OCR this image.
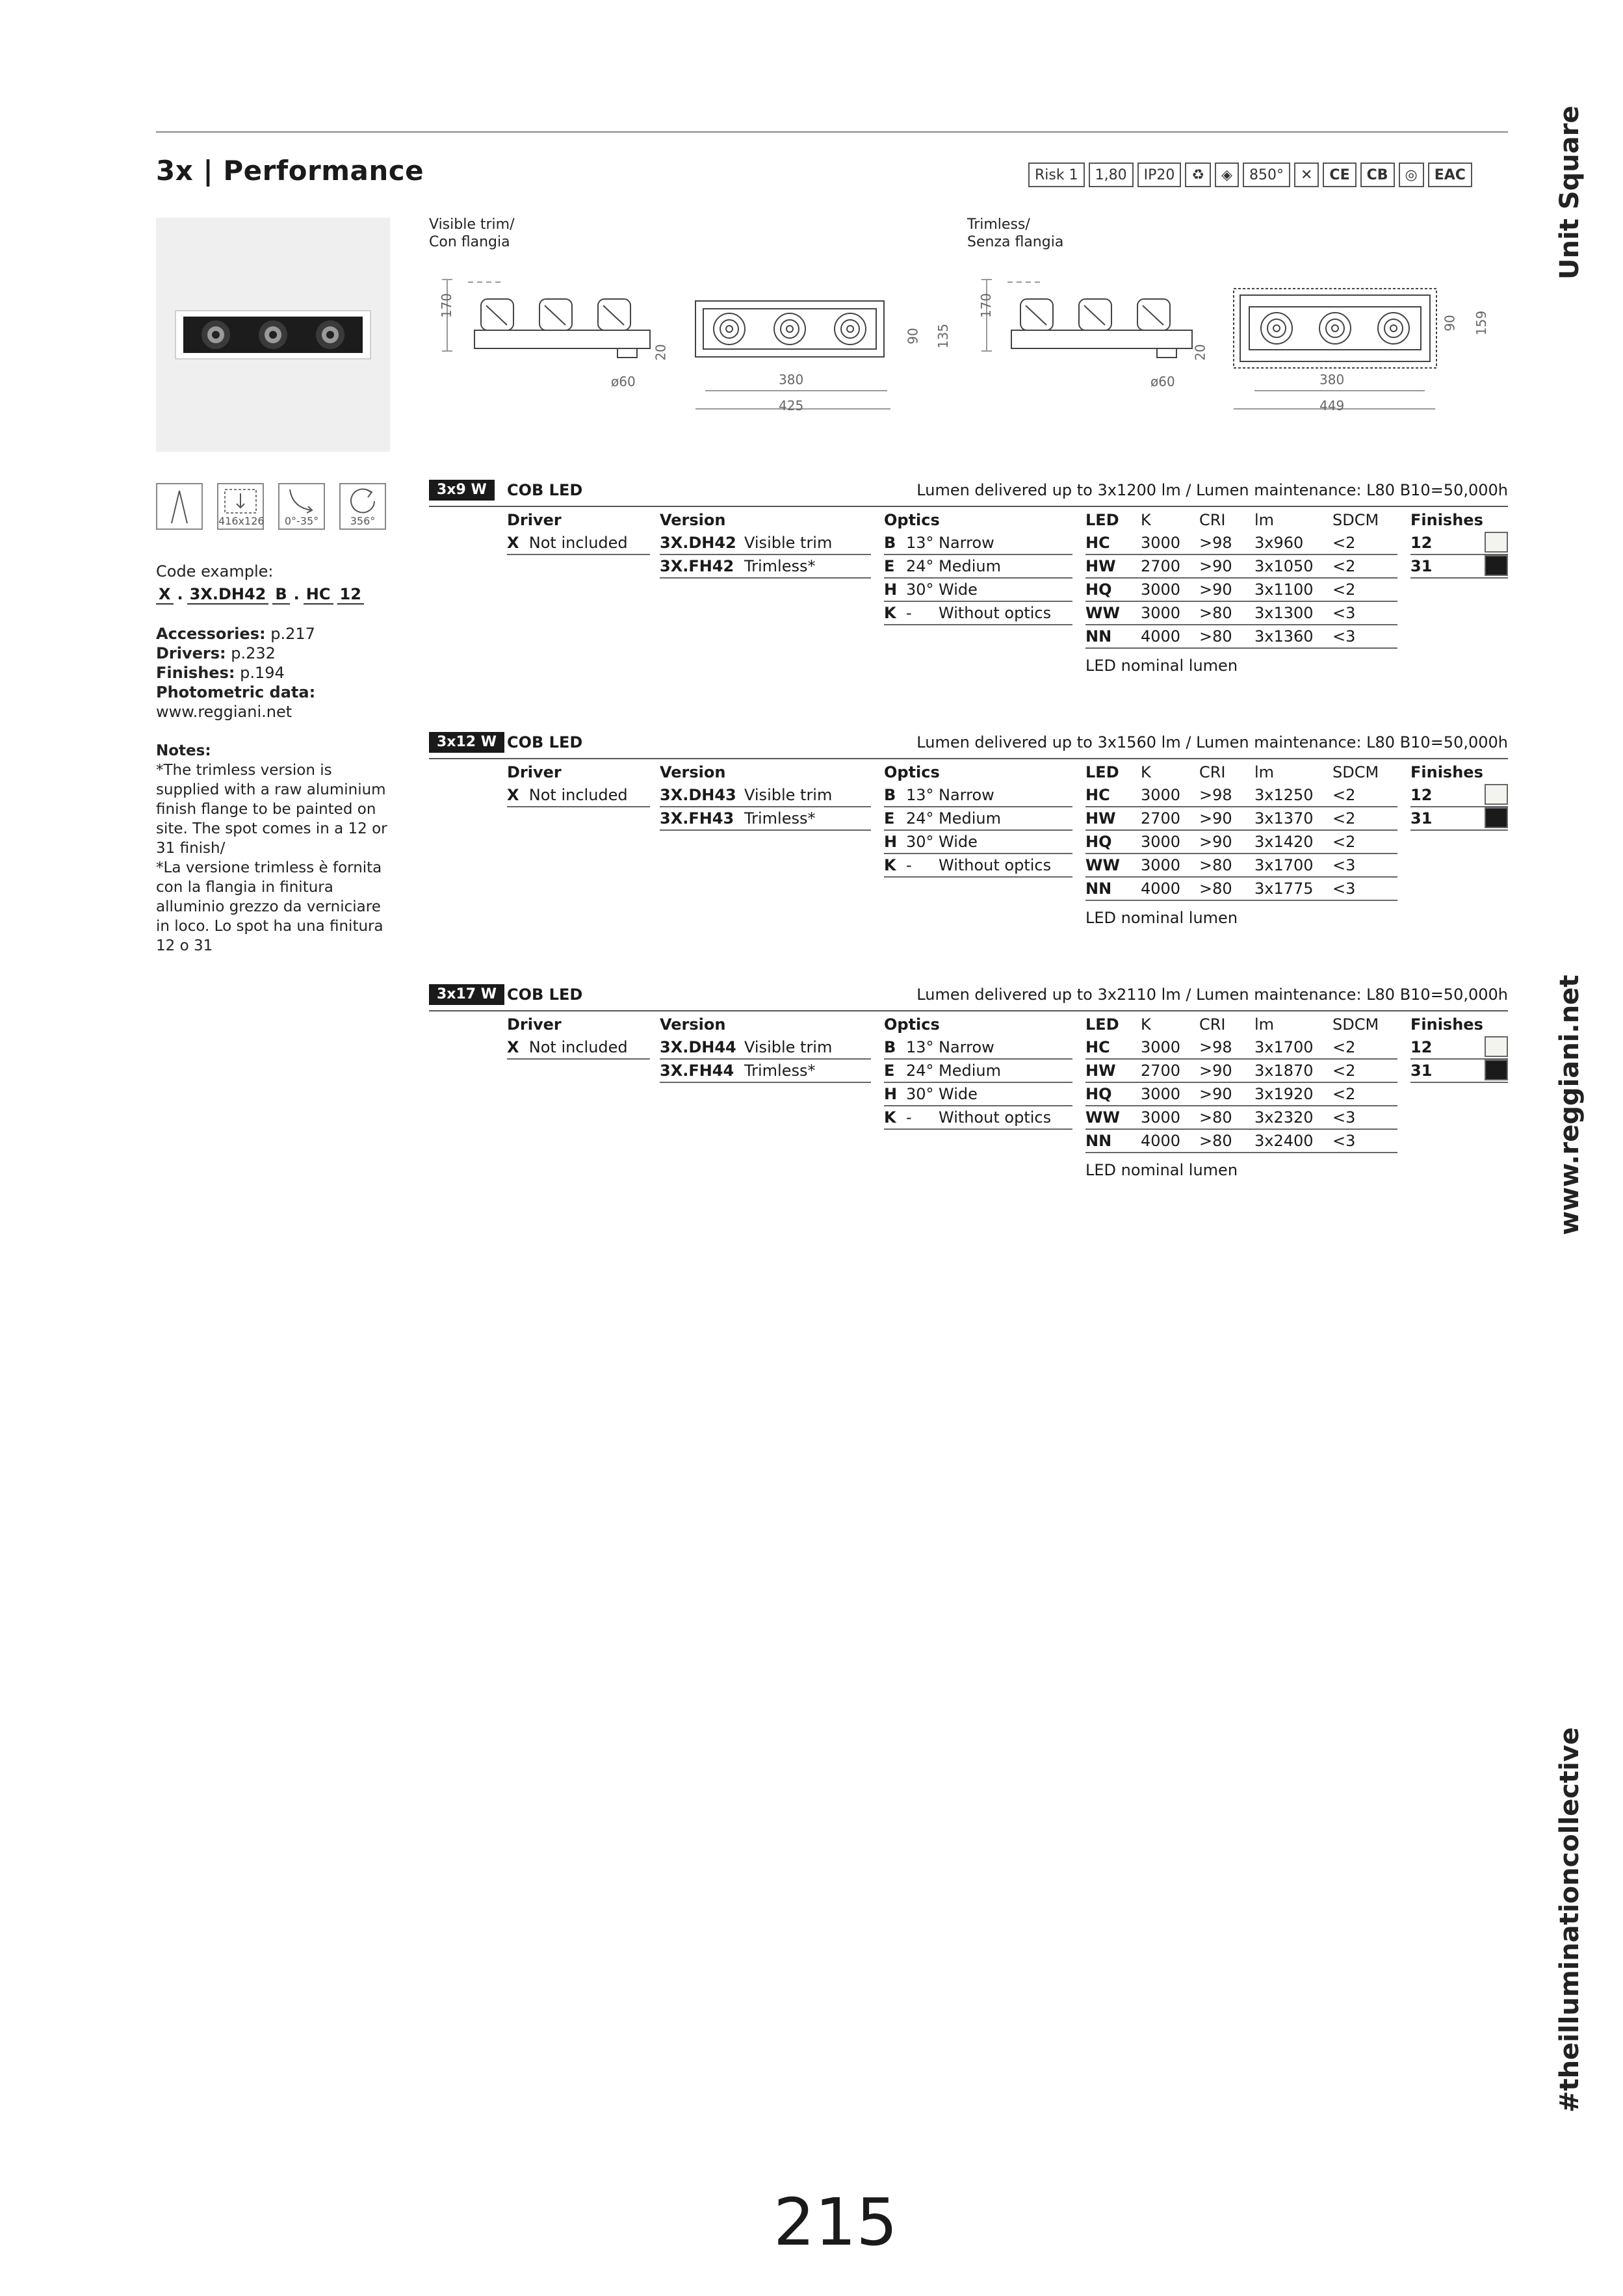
3x | Performance	Risk 1	1,80	IP20	♻	◈	850°	✕	CE	CB	◎	EAC	Unit Square
www.reggiani.net
#theilluminationcollective
Visible trim/
Con flangia
Trimless/
Senza flangia
170
20
ø60	380
425
90 135
170
20
ø60	380
449
90 159
416x126	0°-35°	356°
Code example:
X . 3X.DH42 B . HC 12
Accessories: p.217
Drivers: p.232
Finishes: p.194
Photometric data:
www.reggiani.net
Notes:
*The trimless version is supplied with a raw aluminium finish flange to be painted on site. The spot comes in a 12 or 31 finish/
*La versione trimless è fornita con la flangia in finitura alluminio grezzo da verniciare in loco. Lo spot ha una finitura 12 o 31
3x9 W	COB LED	Lumen delivered up to 3x1200 lm / Lumen maintenance: L80 B10=50,000h
Driver
X Not included
Version
3X.DH42 Visible trim
3X.FH42 Trimless*
Optics
B 13° Narrow
E 24° Medium
H 30° Wide
K - Without optics
LED K	CRI lm	SDCM
HC 3000 >98 3x960 <2
HW 2700 >90 3x1050 <2
HQ 3000 >90 3x1100 <2
WW 3000 >80 3x1300 <3
NN 4000 >80 3x1360 <3
LED nominal lumen
Finishes
12
31
3x12 W COB LED	Lumen delivered up to 3x1560 lm / Lumen maintenance: L80 B10=50,000h
Driver
X Not included
Version
3X.DH43 Visible trim
3X.FH43 Trimless*
Optics
B 13° Narrow
E 24° Medium
H 30° Wide
K - Without optics
LED K	CRI lm	SDCM
HC 3000 >98 3x1250 <2
HW 2700 >90 3x1370 <2
HQ 3000 >90 3x1420 <2
WW 3000 >80 3x1700 <3
NN 4000 >80 3x1775 <3
LED nominal lumen
Finishes
12
31
3x17 W COB LED	Lumen delivered up to 3x2110 lm / Lumen maintenance: L80 B10=50,000h
Driver
X Not included
Version
3X.DH44 Visible trim
3X.FH44 Trimless*
Optics
B 13° Narrow
E 24° Medium
H 30° Wide
K - Without optics
LED K	CRI lm	SDCM
HC 3000 >98 3x1700 <2
HW 2700 >90 3x1870 <2
HQ 3000 >90 3x1920 <2
WW 3000 >80 3x2320 <3
NN 4000 >80 3x2400 <3
LED nominal lumen
Finishes
12
31
215
